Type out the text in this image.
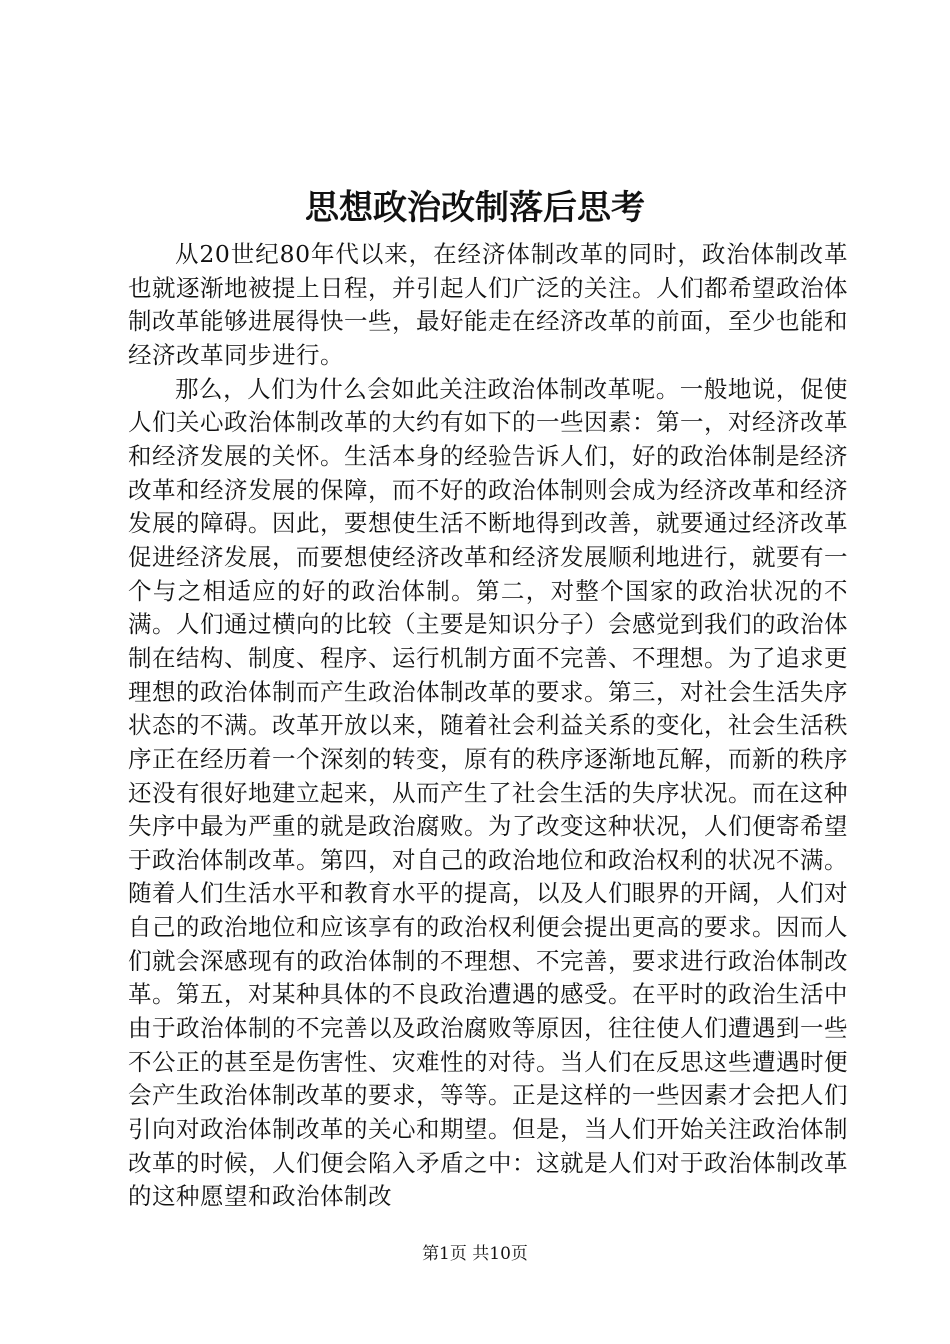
思想政治改制落后思考

从20世纪80年代以来，在经济体制改革的同时，政治体制改革也就逐渐地被提上日程，并引起人们广泛的关注。人们都希望政治体制改革能够进展得快一些，最好能走在经济改革的前面，至少也能和经济改革同步进行。

那么，人们为什么会如此关注政治体制改革呢。一般地说，促使人们关心政治体制改革的大约有如下的一些因素：第一，对经济改革和经济发展的关怀。生活本身的经验告诉人们，好的政治体制是经济改革和经济发展的保障，而不好的政治体制则会成为经济改革和经济发展的障碍。因此，要想使生活不断地得到改善，就要通过经济改革促进经济发展，而要想使经济改革和经济发展顺利地进行，就要有一个与之相适应的好的政治体制。第二，对整个国家的政治状况的不满。人们通过横向的比较（主要是知识分子）会感觉到我们的政治体制在结构、制度、程序、运行机制方面不完善、不理想。为了追求更理想的政治体制而产生政治体制改革的要求。第三，对社会生活失序状态的不满。改革开放以来，随着社会利益关系的变化，社会生活秩序正在经历着一个深刻的转变，原有的秩序逐渐地瓦解，而新的秩序还没有很好地建立起来，从而产生了社会生活的失序状况。而在这种失序中最为严重的就是政治腐败。为了改变这种状况，人们便寄希望于政治体制改革。第四，对自己的政治地位和政治权利的状况不满。随着人们生活水平和教育水平的提高，以及人们眼界的开阔，人们对自己的政治地位和应该享有的政治权利便会提出更高的要求。因而人们就会深感现有的政治体制的不理想、不完善，要求进行政治体制改革。第五，对某种具体的不良政治遭遇的感受。在平时的政治生活中由于政治体制的不完善以及政治腐败等原因，往往使人们遭遇到一些不公正的甚至是伤害性、灾难性的对待。当人们在反思这些遭遇时便会产生政治体制改革的要求，等等。正是这样的一些因素才会把人们引向对政治体制改革的关心和期望。但是，当人们开始关注政治体制改革的时候，人们便会陷入矛盾之中：这就是人们对于政治体制改革的这种愿望和政治体制改

第1页 共10页
